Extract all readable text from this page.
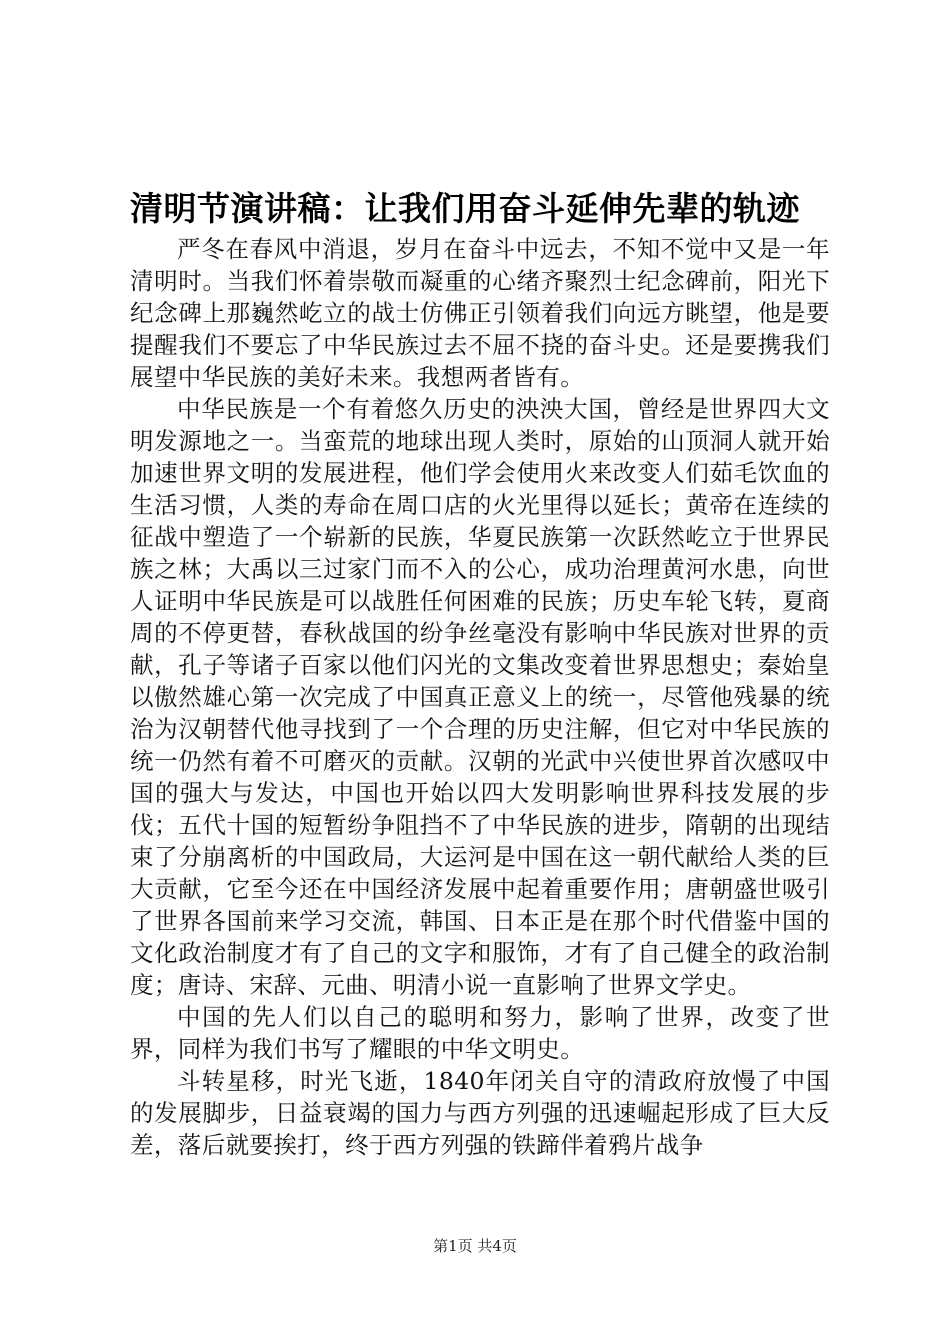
清明节演讲稿：让我们用奋斗延伸先辈的轨迹

严冬在春风中消退，岁月在奋斗中远去，不知不觉中又是一年清明时。当我们怀着崇敬而凝重的心绪齐聚烈士纪念碑前，阳光下纪念碑上那巍然屹立的战士仿佛正引领着我们向远方眺望，他是要提醒我们不要忘了中华民族过去不屈不挠的奋斗史。还是要携我们展望中华民族的美好未来。我想两者皆有。

中华民族是一个有着悠久历史的泱泱大国，曾经是世界四大文明发源地之一。当蛮荒的地球出现人类时，原始的山顶洞人就开始加速世界文明的发展进程，他们学会使用火来改变人们茹毛饮血的生活习惯，人类的寿命在周口店的火光里得以延长；黄帝在连续的征战中塑造了一个崭新的民族，华夏民族第一次跃然屹立于世界民族之林；大禹以三过家门而不入的公心，成功治理黄河水患，向世人证明中华民族是可以战胜任何困难的民族；历史车轮飞转，夏商周的不停更替，春秋战国的纷争丝毫没有影响中华民族对世界的贡献，孔子等诸子百家以他们闪光的文集改变着世界思想史；秦始皇以傲然雄心第一次完成了中国真正意义上的统一，尽管他残暴的统治为汉朝替代他寻找到了一个合理的历史注解，但它对中华民族的统一仍然有着不可磨灭的贡献。汉朝的光武中兴使世界首次感叹中国的强大与发达，中国也开始以四大发明影响世界科技发展的步伐；五代十国的短暂纷争阻挡不了中华民族的进步，隋朝的出现结束了分崩离析的中国政局，大运河是中国在这一朝代献给人类的巨大贡献，它至今还在中国经济发展中起着重要作用；唐朝盛世吸引了世界各国前来学习交流，韩国、日本正是在那个时代借鉴中国的文化政治制度才有了自己的文字和服饰，才有了自己健全的政治制度；唐诗、宋辞、元曲、明清小说一直影响了世界文学史。

中国的先人们以自己的聪明和努力，影响了世界，改变了世界，同样为我们书写了耀眼的中华文明史。

斗转星移，时光飞逝，1840年闭关自守的清政府放慢了中国的发展脚步，日益衰竭的国力与西方列强的迅速崛起形成了巨大反差，落后就要挨打，终于西方列强的铁蹄伴着鸦片战争

第1页 共4页
